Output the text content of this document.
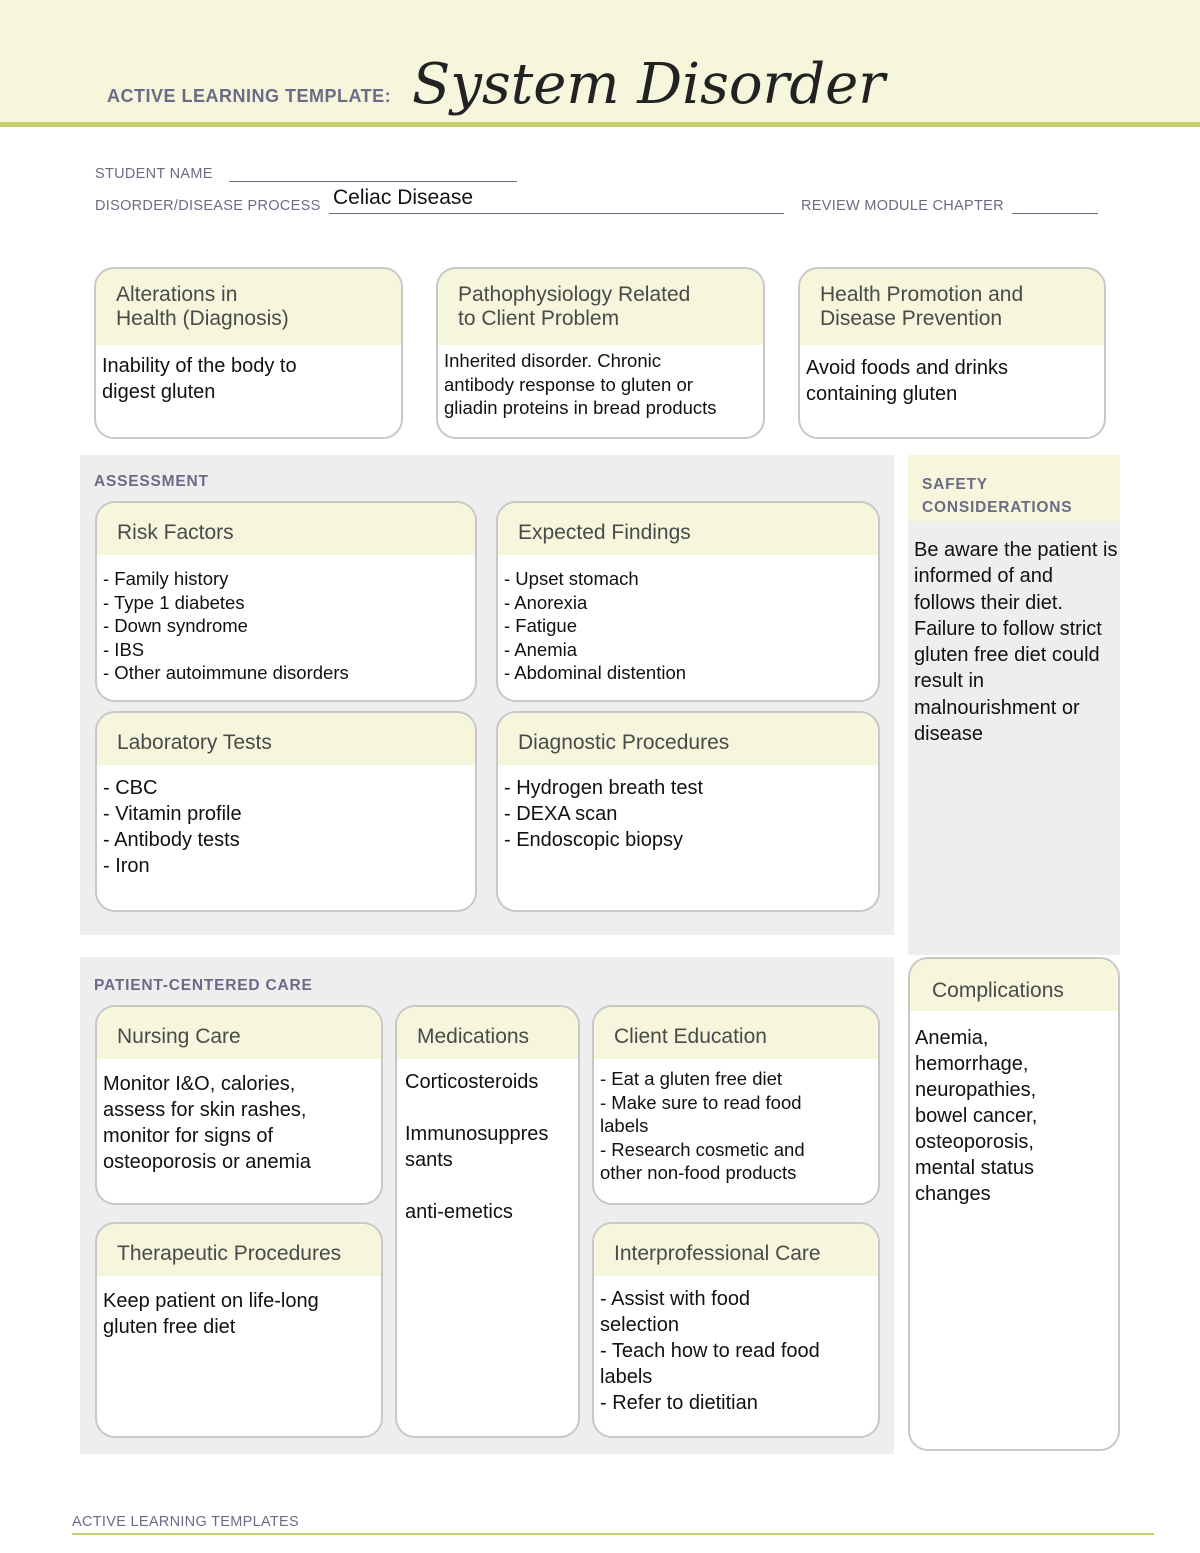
ACTIVE LEARNING TEMPLATE: System Disorder
STUDENT NAME
DISORDER/DISEASE PROCESS Celiac Disease	REVIEW MODULE CHAPTER
Alterations in
Health (Diagnosis)
Inability of the body to
digest gluten
Pathophysiology Related
to Client Problem
Inherited disorder. Chronic
antibody response to gluten or
gliadin proteins in bread products
Health Promotion and
Disease Prevention
Avoid foods and drinks
containing gluten
ASSESSMENT
Risk Factors
- Family history
- Type 1 diabetes
- Down syndrome
- IBS
- Other autoimmune disorders
Expected Findings
- Upset stomach
- Anorexia
- Fatigue
- Anemia
- Abdominal distention
Laboratory Tests
- CBC
- Vitamin profile
- Antibody tests
- Iron
Diagnostic Procedures
- Hydrogen breath test
- DEXA scan
- Endoscopic biopsy
SAFETY
CONSIDERATIONS
Be aware the patient is informed of and follows their diet. Failure to follow strict gluten free diet could result in malnourishment or disease
PATIENT-CENTERED CARE
Nursing Care
Monitor I&O, calories,
assess for skin rashes,
monitor for signs of
osteoporosis or anemia
Medications
Corticosteroids
Immunosuppres
sants
anti-emetics
Client Education
- Eat a gluten free diet
- Make sure to read food
labels
- Research cosmetic and
other non-food products
Therapeutic Procedures
Keep patient on life-long
gluten free diet
Interprofessional Care
- Assist with food
selection
- Teach how to read food
labels
- Refer to dietitian
Complications
Anemia,
hemorrhage,
neuropathies,
bowel cancer,
osteoporosis,
mental status
changes
ACTIVE LEARNING TEMPLATES
